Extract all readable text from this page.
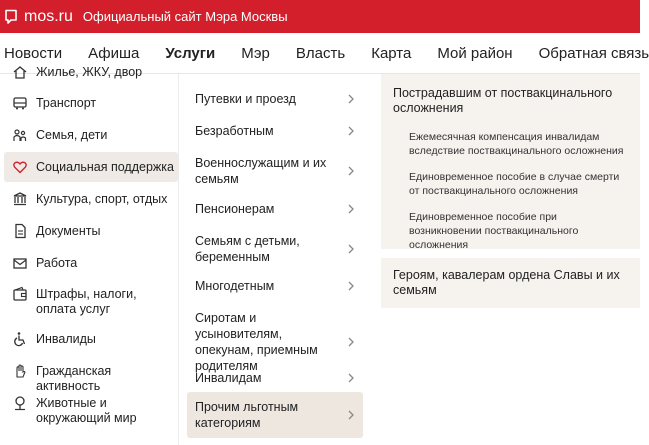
mos.ru Официальный сайт Мэра Москвы
Новости Афиша Услуги Мэр Власть Карта Мой район Обратная связь
Жилье, ЖКУ, двор
Транспорт
Семья, дети
Социальная поддержка
Культура, спорт, отдых
Документы
Работа
Штрафы, налоги, оплата услуг
Инвалиды
Гражданская активность
Животные и окружающий мир
Путевки и проезд
Безработным
Военнослужащим и их семьям
Пенсионерам
Семьям с детьми, беременным
Многодетным
Сиротам и усыновителям, опекунам, приемным родителям
Инвалидам
Прочим льготным категориям
Пострадавшим от поствакцинального осложнения
Ежемесячная компенсация инвалидам вследствие поствакцинального осложнения
Единовременное пособие в случае смерти от поствакцинального осложнения
Единовременное пособие при возникновении поствакцинального осложнения
Героям, кавалерам ордена Славы и их семьям
